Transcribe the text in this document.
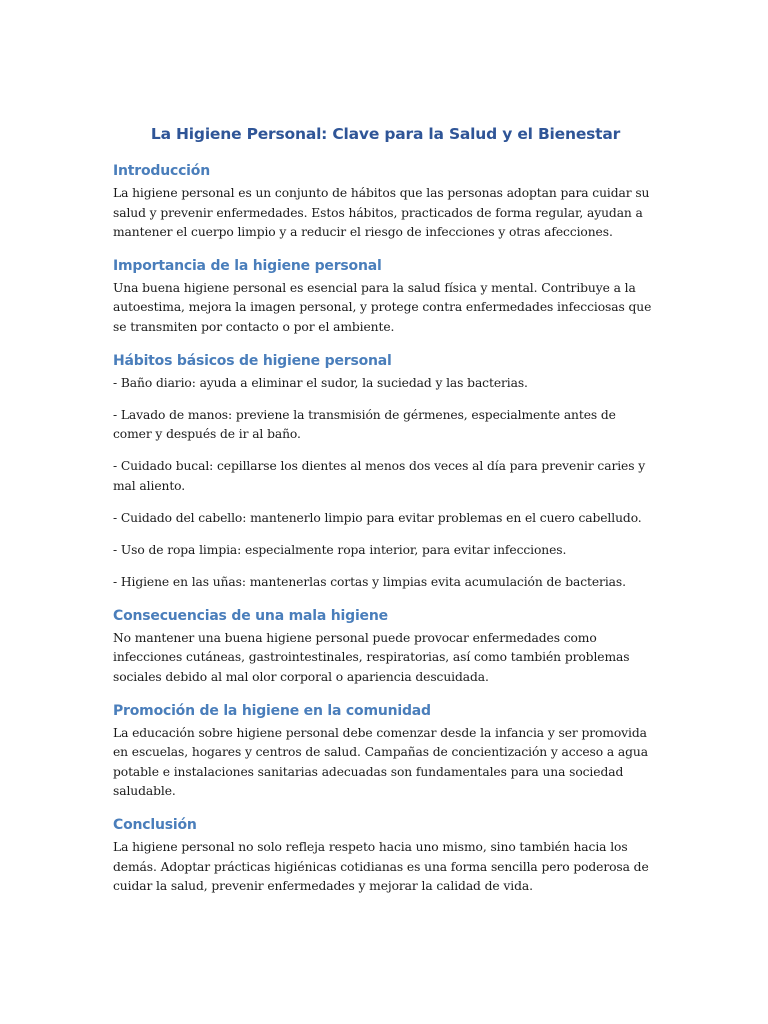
La Higiene Personal: Clave para la Salud y el Bienestar
Introducción

La higiene personal es un conjunto de hábitos que las personas adoptan para cuidar su salud y prevenir enfermedades. Estos hábitos, practicados de forma regular, ayudan a mantener el cuerpo limpio y a reducir el riesgo de infecciones y otras afecciones.

Importancia de la higiene personal

Una buena higiene personal es esencial para la salud física y mental. Contribuye a la autoestima, mejora la imagen personal, y protege contra enfermedades infecciosas que se transmiten por contacto o por el ambiente.

Hábitos básicos de higiene personal

- Baño diario: ayuda a eliminar el sudor, la suciedad y las bacterias.

- Lavado de manos: previene la transmisión de gérmenes, especialmente antes de comer y después de ir al baño.

- Cuidado bucal: cepillarse los dientes al menos dos veces al día para prevenir caries y mal aliento.

- Cuidado del cabello: mantenerlo limpio para evitar problemas en el cuero cabelludo.

- Uso de ropa limpia: especialmente ropa interior, para evitar infecciones.

- Higiene en las uñas: mantenerlas cortas y limpias evita acumulación de bacterias.

Consecuencias de una mala higiene

No mantener una buena higiene personal puede provocar enfermedades como infecciones cutáneas, gastrointestinales, respiratorias, así como también problemas sociales debido al mal olor corporal o apariencia descuidada.

Promoción de la higiene en la comunidad

La educación sobre higiene personal debe comenzar desde la infancia y ser promovida en escuelas, hogares y centros de salud. Campañas de concientización y acceso a agua potable e instalaciones sanitarias adecuadas son fundamentales para una sociedad saludable.

Conclusión

La higiene personal no solo refleja respeto hacia uno mismo, sino también hacia los demás. Adoptar prácticas higiénicas cotidianas es una forma sencilla pero poderosa de cuidar la salud, prevenir enfermedades y mejorar la calidad de vida.
